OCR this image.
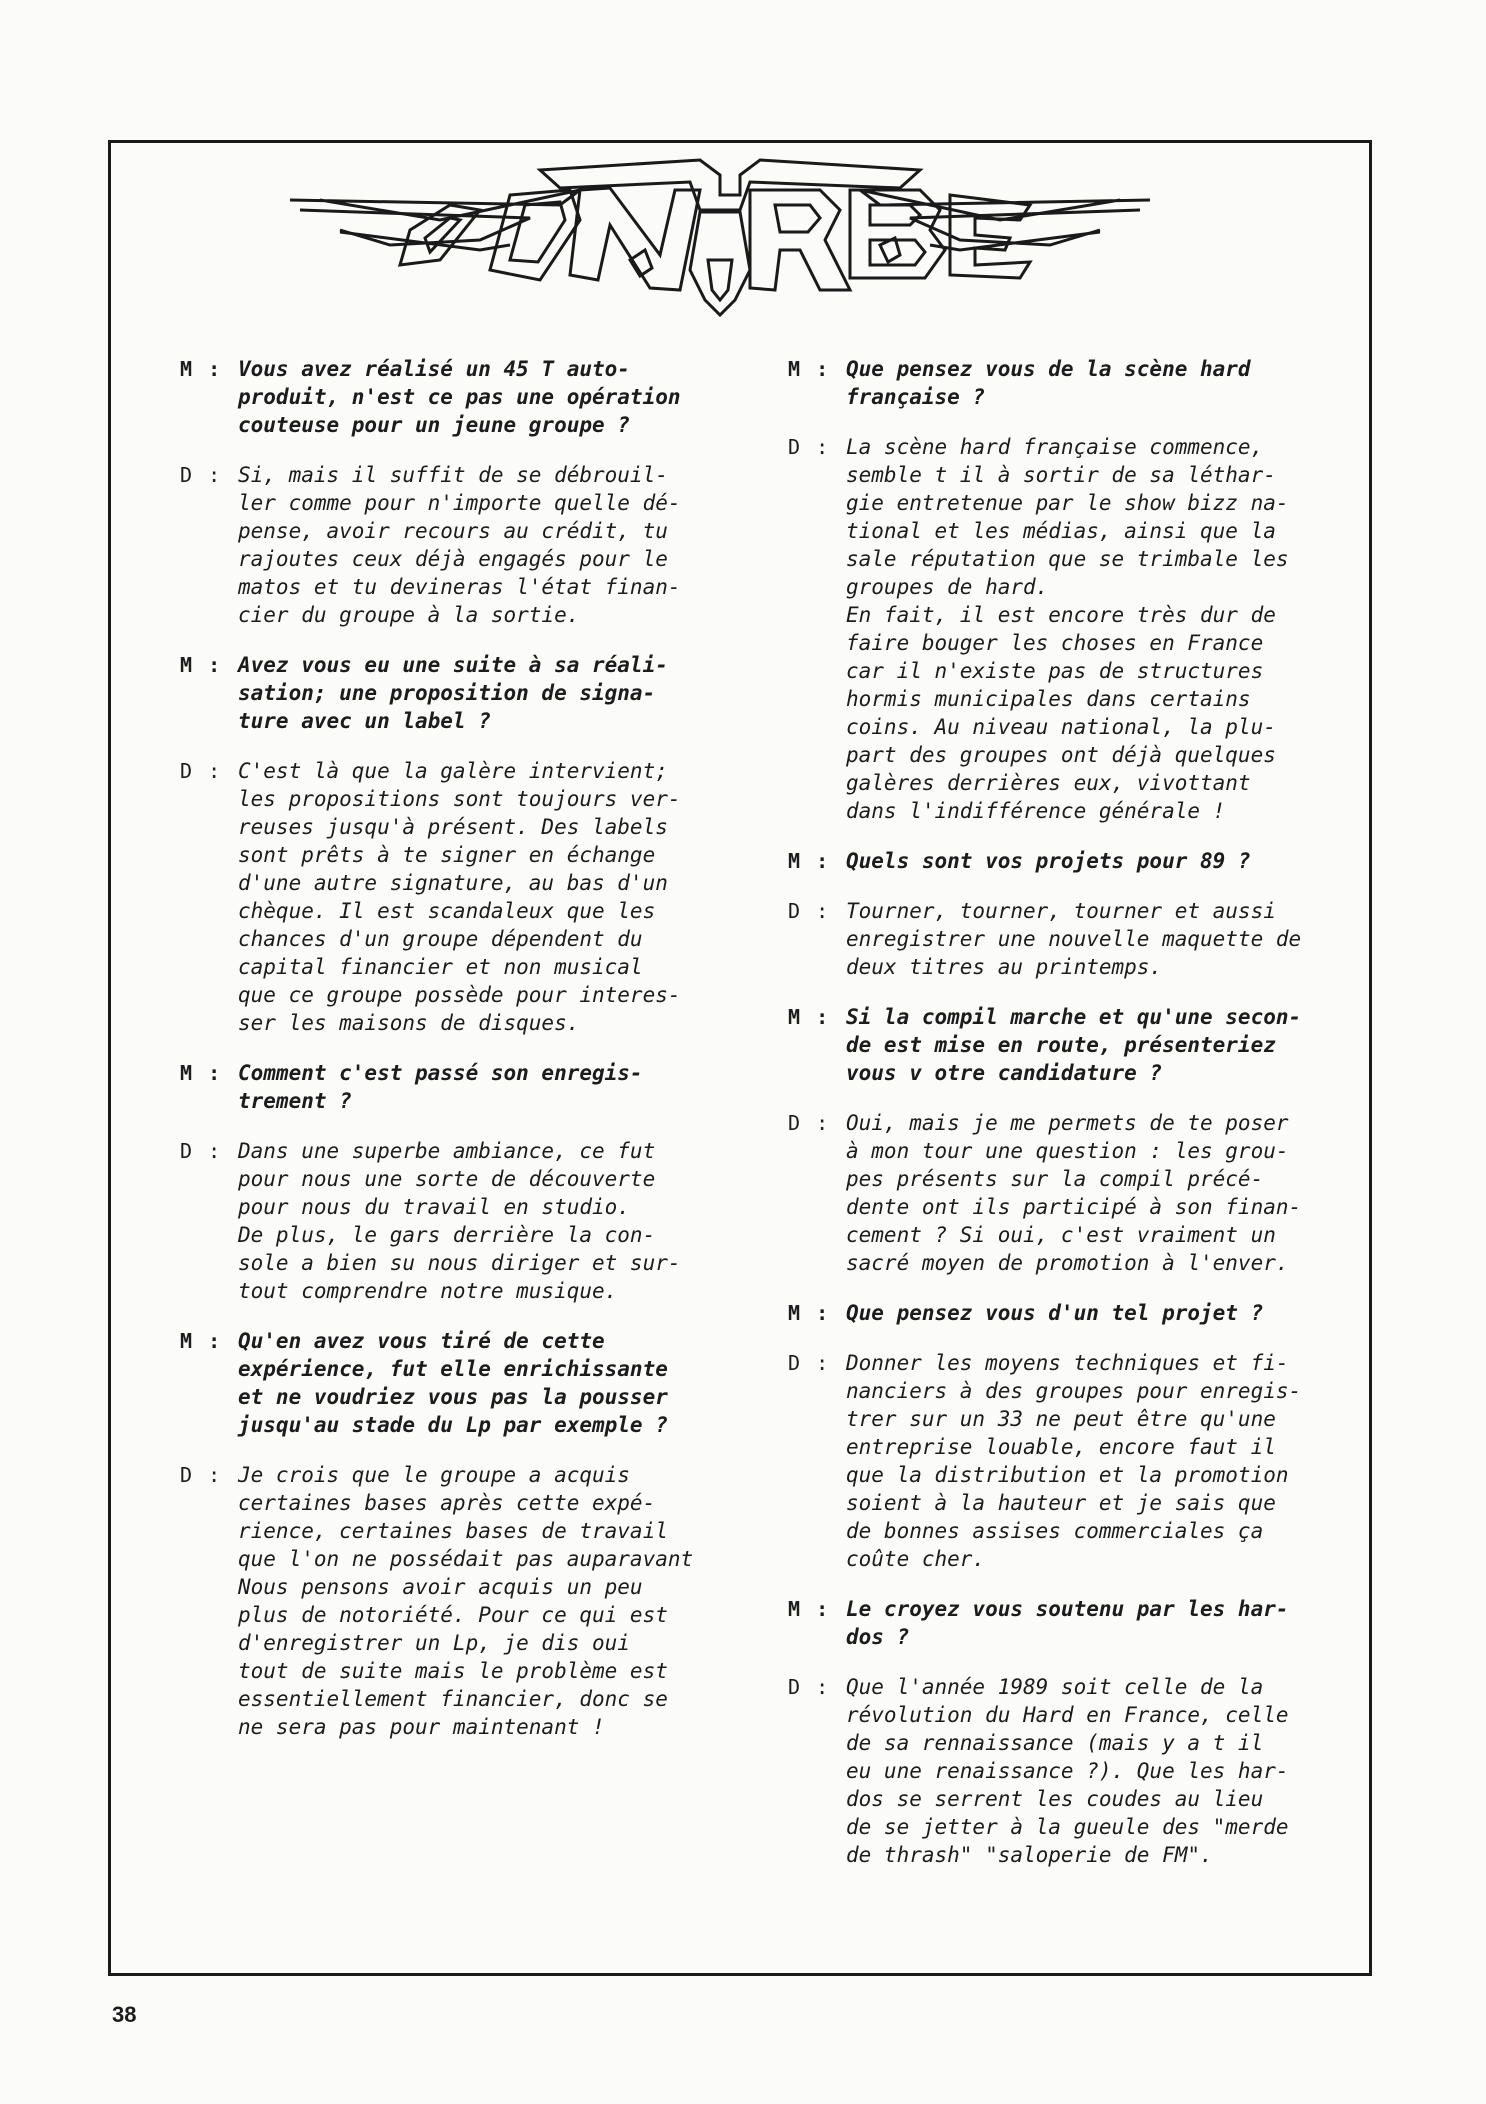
M : Vous avez réalisé un 45 T auto-
produit, n'est ce pas une opération
couteuse pour un jeune groupe ?
D : Si, mais il suffit de se débrouil-
ler comme pour n'importe quelle dé-
pense, avoir recours au crédit, tu
rajoutes ceux déjà engagés pour le
matos et tu devineras l'état finan-
cier du groupe à la sortie.
M : Avez vous eu une suite à sa réali-
sation; une proposition de signa-
ture avec un label ?
D : C'est là que la galère intervient;
les propositions sont toujours ver-
reuses jusqu'à présent. Des labels
sont prêts à te signer en échange
d'une autre signature, au bas d'un
chèque. Il est scandaleux que les
chances d'un groupe dépendent du
capital financier et non musical
que ce groupe possède pour interes-
ser les maisons de disques.
M : Comment c'est passé son enregis-
trement ?
D : Dans une superbe ambiance, ce fut
pour nous une sorte de découverte
pour nous du travail en studio.
De plus, le gars derrière la con-
sole a bien su nous diriger et sur-
tout comprendre notre musique.
M : Qu'en avez vous tiré de cette
expérience, fut elle enrichissante
et ne voudriez vous pas la pousser
jusqu'au stade du Lp par exemple ?
D : Je crois que le groupe a acquis
certaines bases après cette expé-
rience, certaines bases de travail
que l'on ne possédait pas auparavant
Nous pensons avoir acquis un peu
plus de notoriété. Pour ce qui est
d'enregistrer un Lp, je dis oui
tout de suite mais le problème est
essentiellement financier, donc se
ne sera pas pour maintenant !
M : Que pensez vous de la scène hard
française ?
D : La scène hard française commence,
semble t il à sortir de sa léthar-
gie entretenue par le show bizz na-
tional et les médias, ainsi que la
sale réputation que se trimbale les
groupes de hard.
En fait, il est encore très dur de
faire bouger les choses en France
car il n'existe pas de structures
hormis municipales dans certains
coins. Au niveau national, la plu-
part des groupes ont déjà quelques
galères derrières eux, vivottant
dans l'indifférence générale !
M : Quels sont vos projets pour 89 ?
D : Tourner, tourner, tourner et aussi
enregistrer une nouvelle maquette de
deux titres au printemps.
M : Si la compil marche et qu'une secon-
de est mise en route, présenteriez
vous v otre candidature ?
D : Oui, mais je me permets de te poser
à mon tour une question : les grou-
pes présents sur la compil précé-
dente ont ils participé à son finan-
cement ? Si oui, c'est vraiment un
sacré moyen de promotion à l'enver.
M : Que pensez vous d'un tel projet ?
D : Donner les moyens techniques et fi-
nanciers à des groupes pour enregis-
trer sur un 33 ne peut être qu'une
entreprise louable, encore faut il
que la distribution et la promotion
soient à la hauteur et je sais que
de bonnes assises commerciales ça
coûte cher.
M : Le croyez vous soutenu par les har-
dos ?
D : Que l'année 1989 soit celle de la
révolution du Hard en France, celle
de sa rennaissance (mais y a t il
eu une renaissance ?). Que les har-
dos se serrent les coudes au lieu
de se jetter à la gueule des "merde
de thrash" "saloperie de FM".
38
